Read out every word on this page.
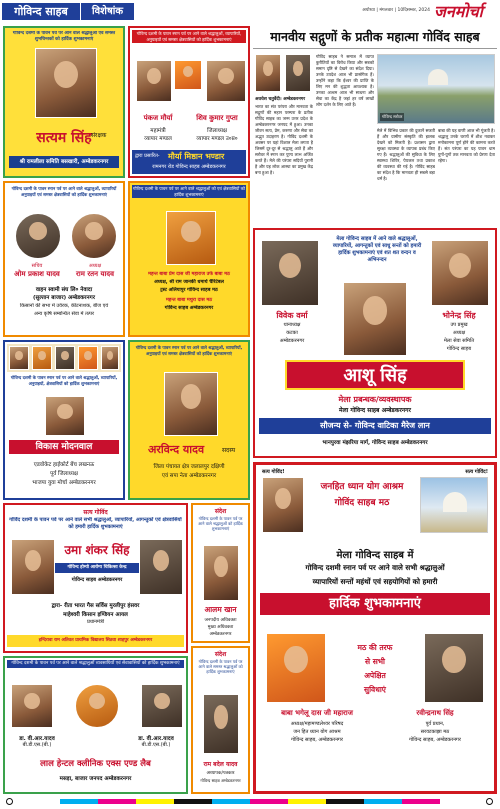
गोविन्द साहब	विशेषांक	अयोध्या | मंगलवार | 10दिसम्बर, 2024 जनमोर्चा
गोविन्द दशमी के पावन पर्व पर आने वाले श्रद्धालुओं एवं समस्त शुभचिन्तकों को हार्दिक शुभकामनाएं
सत्यम सिंह संरक्षक
श्री रामलीला समिति बसखारी, अम्बेडकरनगर
गोविन्द दशमी के पावन स्नान पर्व पर आने वाले श्रद्धालुओं, व्यापारियों, अनुयाइयों एवं समस्त क्षेत्रवासियों को हार्दिक शुभकामनाएं
पंकज मौर्या
महामंत्री
व्यापार मण्डल
शिव कुमार गुप्ता
जिलाध्यक्ष
व्यापार मण्डल उ०प्र०
द्वारा प्रसारित- मौर्या मिष्ठान भण्डार
रामनगर रोड गोविन्द साहब अम्बेडकरनगर
गोविन्द दशमी के पावन स्नान पर्व पर आने वाले श्रद्धालुओं, व्यापारियों अनुयाइयों एवं समस्त क्षेत्रवासियों को हार्दिक शुभकामनाएं
सचिव
ओम प्रकाश यादव
अध्यक्ष
राम रतन यादव
वाहन स्वामी संघ लि० नेवादा
(सुल्तान बाजार) अम्बेडकरनगर
किसानों की सभा में उर्वरक, कीटनाशक, बीज एवं
अन्य कृषि सम्बन्धित सेवा में तत्पर
गोविन्द दशमी के पावन पर्व पर आने वाले श्रद्धालुओं को एवं क्षेत्रवासियों को हार्दिक शुभकामनाएं
महन्त बाबा प्रेम दास जी महाराज उर्फ बाबा मठ
अध्यक्ष, श्री राम जानकी धमार्थ चैरिटेबल
ट्रस्ट अलियापुर गोविन्द साहब मठ
महन्त बाबा मथुरा दास मठ
गोविन्द साहब अम्बेडकरनगर
गोविन्द दशमी के पावन स्नान पर्व पर आने वाले श्रद्धालुओं, व्यापारियों, अनुयाइयों, क्षेत्रवासियों को हार्दिक शुभकामनाएं
विकास मोदनवाल
एडवोकेट हाईकोर्ट बेंच लखनऊ
पूर्व जिलाध्यक्ष
भाजपा युवा मोर्चा अम्बेडकरनगर
गोविन्द दशमी के पावन स्नान पर्व पर आने वाले श्रद्धालुओं, व्यापारियों, अनुयाइयों एवं समस्त क्षेत्रवासियों को हार्दिक शुभकामनाएं
अरविन्द यादव	सदस्य
जिला पंचायत क्षेत्र जलालपुर दक्षिणी
एवं सपा नेता अम्बेडकरनगर
सत्य गोविंद
गोविंद दशमी के पावन पर्व पर आने वाले सभी श्रद्धालुओं, व्यापारियों, आगन्तुकों एवं क्षेत्रवासियों को हमारी हार्दिक शुभकामनाएं
उमा शंकर सिंह
गोविन्द होम्यो आरोग्य चिकित्सा केन्द्र
गोविन्द साहब अम्बेडकरनगर
द्वारा- रीता भारत गैस सर्विस मुरलीपुर हंसवर
माहेश्वरी किसान इण्डियन आयल
प्रधानमंत्री
इन्दिरावा राम अतिवत प्राथमिक विद्यालय सिठवा शाहपुर अम्बेडकरनगर
गोविन्द दशमी के पावन पर्व पर आने वाले श्रद्धालुओं व्यवसायियों एवं सेवावासियों को हार्दिक शुभकामनाएं
डा. वी.आर.यादव
बी.डी.एस.(बी.)
डा. वी.आर.यादव
बी.डी.एस.(बी.)
लाल हेन्टल क्लीनिक एक्स एण्ड लैब
मसड़ा, बाजार जनपद अम्बेडकरनगर
संदेश
गोविन्द दशमी के पावन पर्व पर आने वाले श्रद्धालुओं को हार्दिक शुभकामनाएं
आलम खान
जनपदीय अधिवक्ता
मुख्य अधिवक्ता
अम्बेडकरनगर
संदेश
गोविन्द दशमी के पावन पर्व पर आने वाले समस्त श्रद्धालुओं को हार्दिक शुभकामनाएं
राम बदेल यादव
अध्यापक/पत्रकार
गोविन्द साहब अम्बेडकरनगर
मानवीय सद्गुणों के प्रतीक महात्मा गोविंद साहब
गोविन्द सरोवर
अवधेश चतुर्वेदी। अम्बेडकरनगर
भारत का संत परंपरा और मानवता के सद्गुणों की महान परम्परा के प्रतीक गोविंद साहब का जन्म उत्तर प्रदेश के अम्बेडकरनगर जनपद में हुआ। उनका जीवन सत्य, प्रेम, करुणा और सेवा का अद्भुत उदाहरण है। गोविंद दशमी के अवसर पर यहां विशाल मेला लगता है जिसमें दूर-दूर से श्रद्धालु आते हैं और सरोवर में स्नान कर पुण्य लाभ अर्जित करते हैं। मेले की परंपरा सदियों पुरानी है और यह लोक आस्था का प्रमुख केंद्र बना हुआ है।
गोविंद साहब ने समाज में व्याप्त कुरीतियों का विरोध किया और सबको समान दृष्टि से देखने का संदेश दिया। उनके उपदेश आज भी प्रासंगिक हैं। उन्होंने कहा कि ईश्वर की प्राप्ति के लिए मन की शुद्धता आवश्यक है। उनका आश्रम आज भी साधना और सेवा का केंद्र है जहां हर वर्ष लाखों लोग दर्शन के लिए आते हैं।
मेले में विभिन्न प्रकार की दुकानें सजती हैं और ग्रामीण संस्कृति की झलक देखने को मिलती है। प्रशासन द्वारा सुरक्षा व्यवस्था के व्यापक प्रबंध किए गए हैं। श्रद्धालुओं की सुविधा के लिए स्वास्थ्य शिविर, पेयजल तथा प्रकाश की व्यवस्था की गई है। गोविंद साहब का संदेश है कि मानवता ही सबसे बड़ा धर्म है।
बाबा की यह वाणी आज भी गूंजती है। श्रद्धालु उनके चरणों में शीश नवाकर मनोकामना पूर्ण होने की कामना करते हैं। संत परंपरा का यह पावन धाम युगों-युगों तक मानवता को प्रेरणा देता रहेगा।
मेला गोविन्द साहब में आने वाले श्रद्धालुओं, व्यापारियों, आगन्तुकों एवं साधु सन्तों को हमारी हार्दिक शुभकामनाएं एवं शत शत वन्दन व अभिनन्दन
विवेक वर्मा
थानाध्यक्ष
कटका
अम्बेडकरनगर
भोनेन्द्र सिंह
उप प्रमुख
अध्यक्ष
मेला सेवा समिति
गोविन्द साहब
आशू सिंह
मेला प्रबन्धक/व्यवस्थापक
मेला गोविन्द साहब अम्बेडकरनगर
सौजन्य से- गोविन्द वाटिका मैरेज लान
भानपुरवा मंझरिया मार्ग, गोविन्द साहब अम्बेडकरनगर
सत्य गोविंद!	सत्य गोविंद!
जनहित ध्यान योग आश्रम
गोविंद साहब मठ
मेला गोविन्द साहब में
गोविन्द दशमी स्नान पर्व पर आने वाले सभी श्रद्धालुओं
व्यापारियों सन्तों महंथों एवं सहयोगियों को हमारी
हार्दिक शुभकामनाएं
मठ की तरफ
से सभी
अपेक्षित
सुविधाएं
बाबा भगेलू दास जी महाराज
अध्यक्ष/महामण्डलेश्वर परिषद
जन हित ध्यान योग आश्रम
गोविन्द साहब, अम्बेडकरनगर
रवीन्द्रनाथ सिंह
पूर्व प्रधान,
सरवटकाझा मठ
गोविन्द साहब, अम्बेडकरनगर
